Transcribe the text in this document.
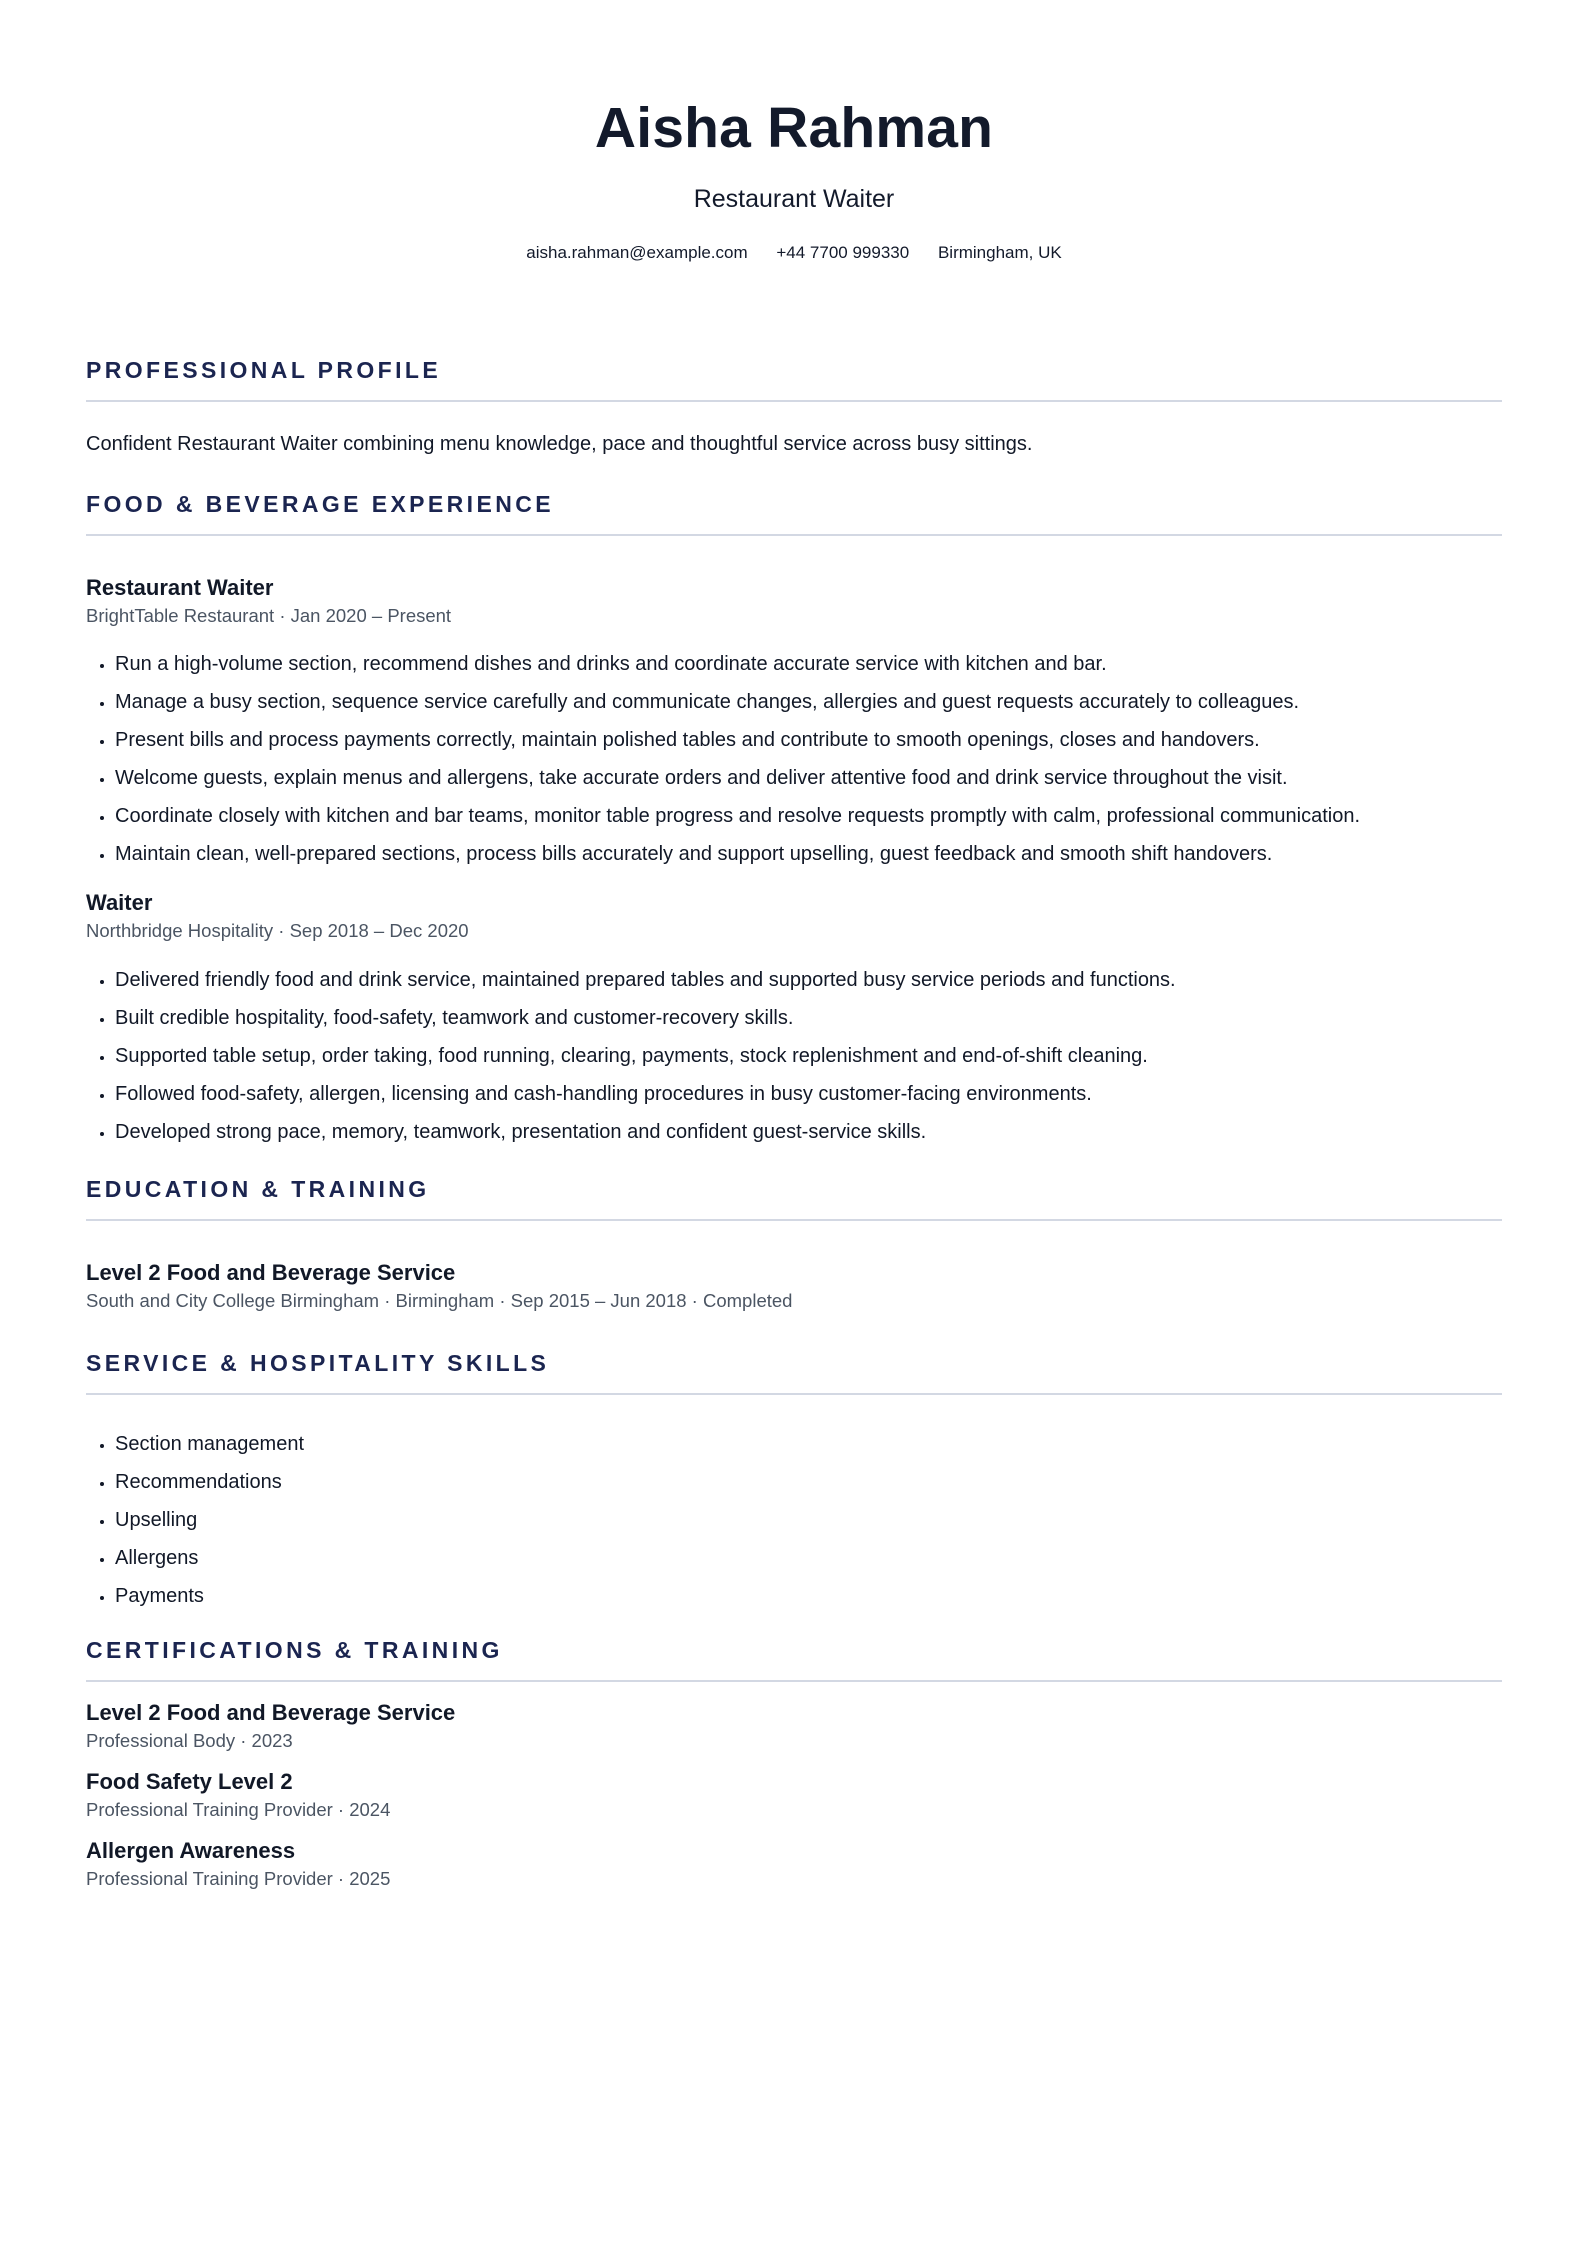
Aisha Rahman
Restaurant Waiter
aisha.rahman@example.com +44 7700 999330 Birmingham, UK
PROFESSIONAL PROFILE
Confident Restaurant Waiter combining menu knowledge, pace and thoughtful service across busy sittings.
FOOD & BEVERAGE EXPERIENCE
Restaurant Waiter
BrightTable Restaurant · Jan 2020 – Present
• Run a high-volume section, recommend dishes and drinks and coordinate accurate service with kitchen and bar.
• Manage a busy section, sequence service carefully and communicate changes, allergies and guest requests accurately to colleagues.
• Present bills and process payments correctly, maintain polished tables and contribute to smooth openings, closes and handovers.
• Welcome guests, explain menus and allergens, take accurate orders and deliver attentive food and drink service throughout the visit.
• Coordinate closely with kitchen and bar teams, monitor table progress and resolve requests promptly with calm, professional communication.
• Maintain clean, well-prepared sections, process bills accurately and support upselling, guest feedback and smooth shift handovers.
Waiter
Northbridge Hospitality · Sep 2018 – Dec 2020
• Delivered friendly food and drink service, maintained prepared tables and supported busy service periods and functions.
• Built credible hospitality, food-safety, teamwork and customer-recovery skills.
• Supported table setup, order taking, food running, clearing, payments, stock replenishment and end-of-shift cleaning.
• Followed food-safety, allergen, licensing and cash-handling procedures in busy customer-facing environments.
• Developed strong pace, memory, teamwork, presentation and confident guest-service skills.
EDUCATION & TRAINING
Level 2 Food and Beverage Service
South and City College Birmingham · Birmingham · Sep 2015 – Jun 2018 · Completed
SERVICE & HOSPITALITY SKILLS
• Section management
• Recommendations
• Upselling
• Allergens
• Payments
CERTIFICATIONS & TRAINING
Level 2 Food and Beverage Service
Professional Body · 2023
Food Safety Level 2
Professional Training Provider · 2024
Allergen Awareness
Professional Training Provider · 2025
